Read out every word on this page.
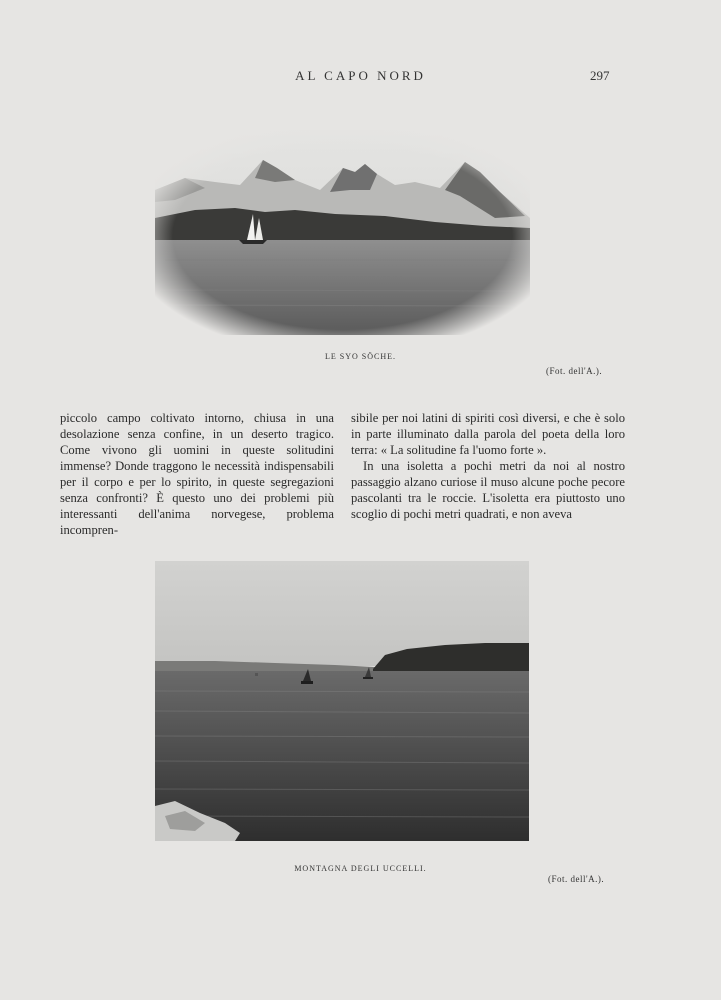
AL CAPO NORD	297
LE SYO SÖCHE.
(Fot. dell'A.).

piccolo campo coltivato intorno, chiusa in una desolazione senza confine, in un deserto tragico. Come vivono gli uomini in queste solitudini immense? Donde traggono le necessità indispensabili per il corpo e per lo spirito, in queste segregazioni senza confronti? È questo uno dei problemi più interessanti dell'anima norvegese, problema incompren-

sibile per noi latini di spiriti così diversi, e che è solo in parte illuminato dalla parola del poeta della loro terra: « La solitudine fa l'uomo forte ».

In una isoletta a pochi metri da noi al nostro passaggio alzano curiose il muso alcune poche pecore pascolanti tra le roccie. L'isoletta era piuttosto uno scoglio di pochi metri quadrati, e non aveva

MONTAGNA DEGLI UCCELLI.
(Fot. dell'A.).
